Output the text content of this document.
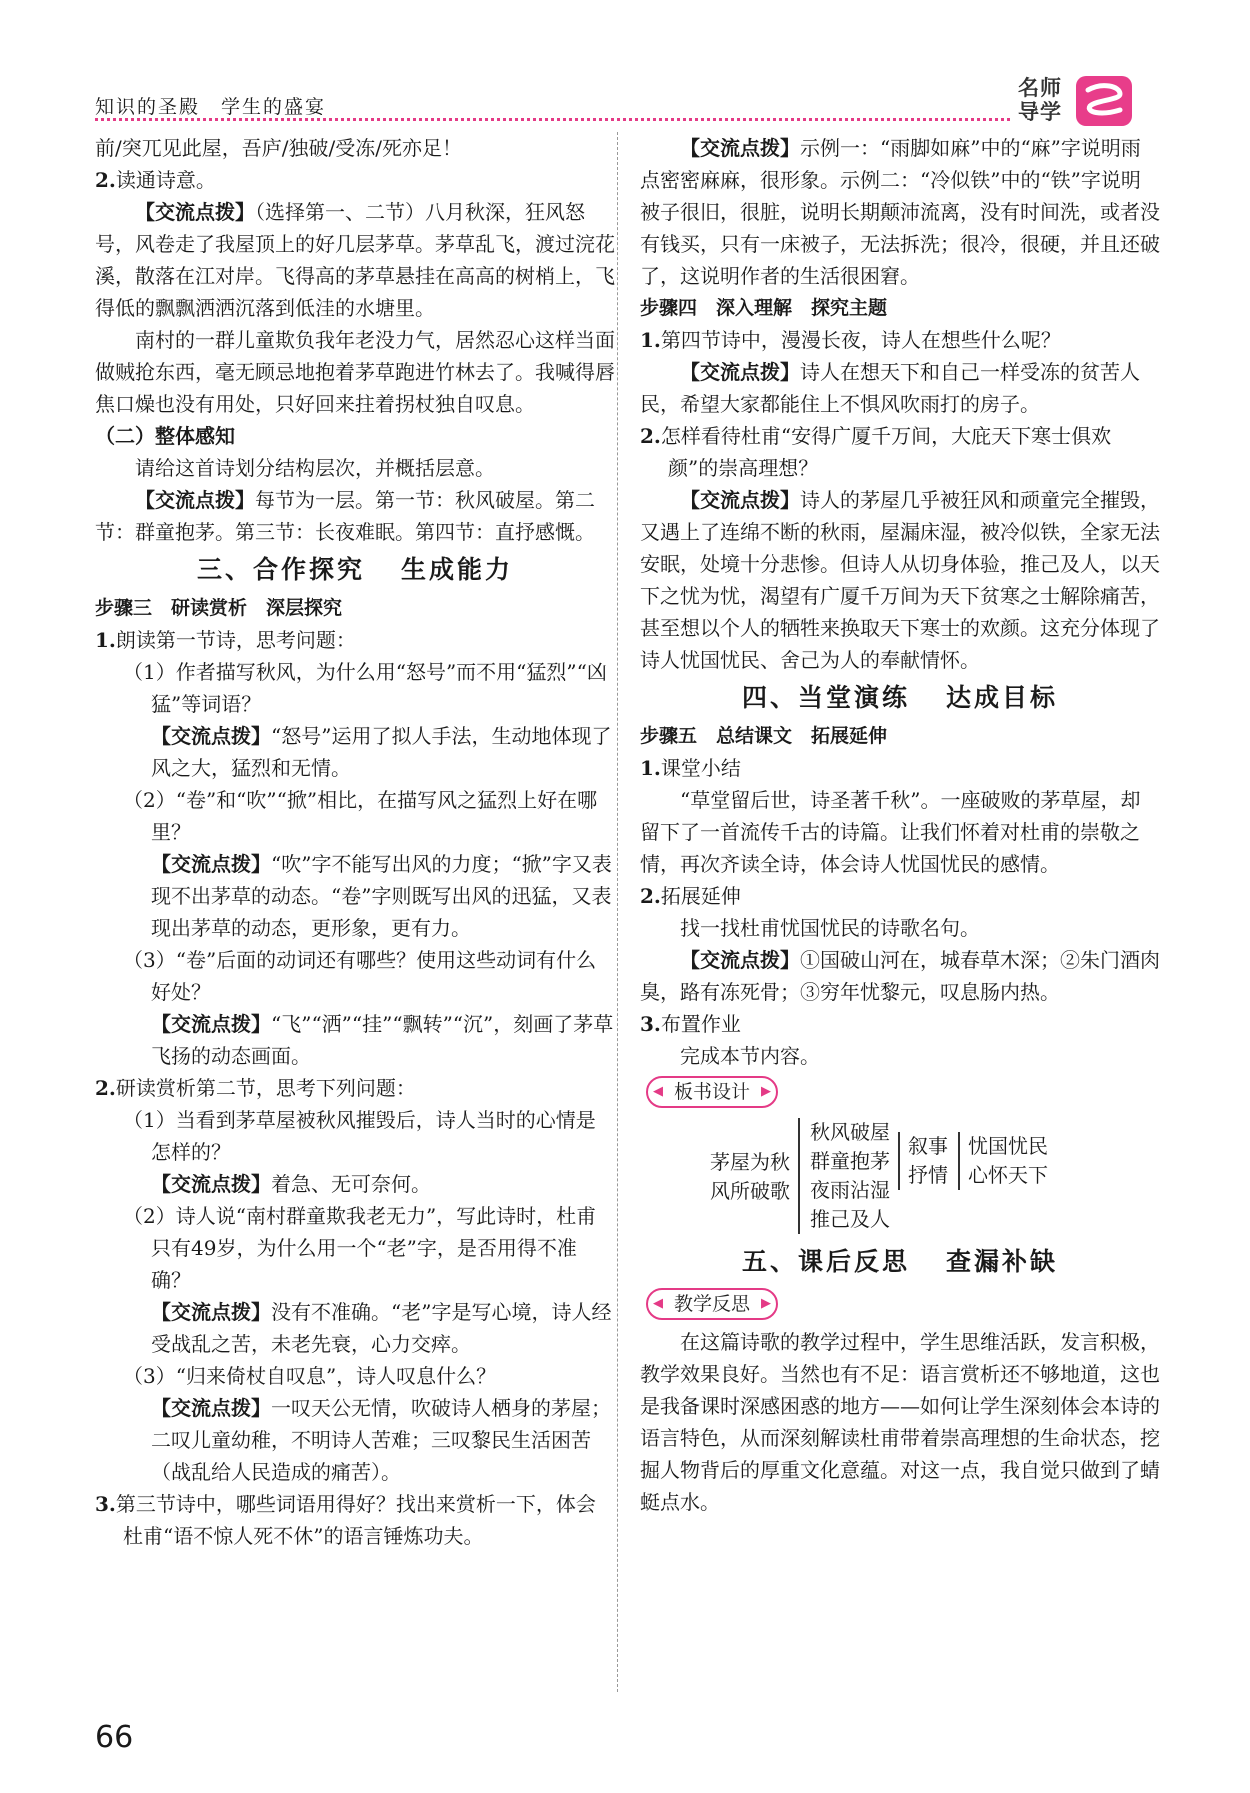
知识的圣殿　学生的盛宴
名师
导学

前/突兀见此屋，吾庐/独破/受冻/死亦足！

2.读通诗意。

【交流点拨】（选择第一、二节）八月秋深，狂风怒号，风卷走了我屋顶上的好几层茅草。茅草乱飞，渡过浣花溪，散落在江对岸。飞得高的茅草悬挂在高高的树梢上，飞得低的飘飘洒洒沉落到低洼的水塘里。

南村的一群儿童欺负我年老没力气，居然忍心这样当面做贼抢东西，毫无顾忌地抱着茅草跑进竹林去了。我喊得唇焦口燥也没有用处，只好回来拄着拐杖独自叹息。

（二）整体感知

请给这首诗划分结构层次，并概括层意。

【交流点拨】每节为一层。第一节：秋风破屋。第二节：群童抱茅。第三节：长夜难眠。第四节：直抒感慨。

三、合作探究 生成能力

步骤三　研读赏析　深层探究

1.朗读第一节诗，思考问题：

（1）作者描写秋风，为什么用“怒号”而不用“猛烈”“凶猛”等词语？

【交流点拨】“怒号”运用了拟人手法，生动地体现了风之大，猛烈和无情。

（2）“卷”和“吹”“掀”相比，在描写风之猛烈上好在哪里？

【交流点拨】“吹”字不能写出风的力度；“掀”字又表现不出茅草的动态。“卷”字则既写出风的迅猛，又表现出茅草的动态，更形象，更有力。

（3）“卷”后面的动词还有哪些？使用这些动词有什么好处？

【交流点拨】“飞”“洒”“挂”“飘转”“沉”，刻画了茅草飞扬的动态画面。

2.研读赏析第二节，思考下列问题：

（1）当看到茅草屋被秋风摧毁后，诗人当时的心情是怎样的？

【交流点拨】着急、无可奈何。

（2）诗人说“南村群童欺我老无力”，写此诗时，杜甫只有49岁，为什么用一个“老”字，是否用得不准确？

【交流点拨】没有不准确。“老”字是写心境，诗人经受战乱之苦，未老先衰，心力交瘁。

（3）“归来倚杖自叹息”，诗人叹息什么？

【交流点拨】一叹天公无情，吹破诗人栖身的茅屋；二叹儿童幼稚，不明诗人苦难；三叹黎民生活困苦（战乱给人民造成的痛苦）。

3.第三节诗中，哪些词语用得好？找出来赏析一下，体会杜甫“语不惊人死不休”的语言锤炼功夫。

【交流点拨】示例一：“雨脚如麻”中的“麻”字说明雨点密密麻麻，很形象。示例二：“冷似铁”中的“铁”字说明被子很旧，很脏，说明长期颠沛流离，没有时间洗，或者没有钱买，只有一床被子，无法拆洗；很冷，很硬，并且还破了，这说明作者的生活很困窘。

步骤四　深入理解　探究主题

1.第四节诗中，漫漫长夜，诗人在想些什么呢？

【交流点拨】诗人在想天下和自己一样受冻的贫苦人民，希望大家都能住上不惧风吹雨打的房子。

2.怎样看待杜甫“安得广厦千万间，大庇天下寒士俱欢颜”的崇高理想？

【交流点拨】诗人的茅屋几乎被狂风和顽童完全摧毁，又遇上了连绵不断的秋雨，屋漏床湿，被冷似铁，全家无法安眠，处境十分悲惨。但诗人从切身体验，推己及人，以天下之忧为忧，渴望有广厦千万间为天下贫寒之士解除痛苦，甚至想以个人的牺牲来换取天下寒士的欢颜。这充分体现了诗人忧国忧民、舍己为人的奉献情怀。

四、当堂演练 达成目标

步骤五　总结课文　拓展延伸

1.课堂小结

“草堂留后世，诗圣著千秋”。一座破败的茅草屋，却留下了一首流传千古的诗篇。让我们怀着对杜甫的崇敬之情，再次齐读全诗，体会诗人忧国忧民的感情。

2.拓展延伸

找一找杜甫忧国忧民的诗歌名句。

【交流点拨】①国破山河在，城春草木深；②朱门酒肉臭，路有冻死骨；③穷年忧黎元，叹息肠内热。

3.布置作业

完成本节内容。

◀ 板书设计 ▶
茅屋为秋
风所破歌
秋风破屋
群童抱茅
夜雨沾湿
推己及人
叙事
抒情
忧国忧民
心怀天下
五、课后反思 查漏补缺
◀ 教学反思 ▶

在这篇诗歌的教学过程中，学生思维活跃，发言积极，教学效果良好。当然也有不足：语言赏析还不够地道，这也是我备课时深感困惑的地方——如何让学生深刻体会本诗的语言特色，从而深刻解读杜甫带着崇高理想的生命状态，挖掘人物背后的厚重文化意蕴。对这一点，我自觉只做到了蜻蜓点水。

66
